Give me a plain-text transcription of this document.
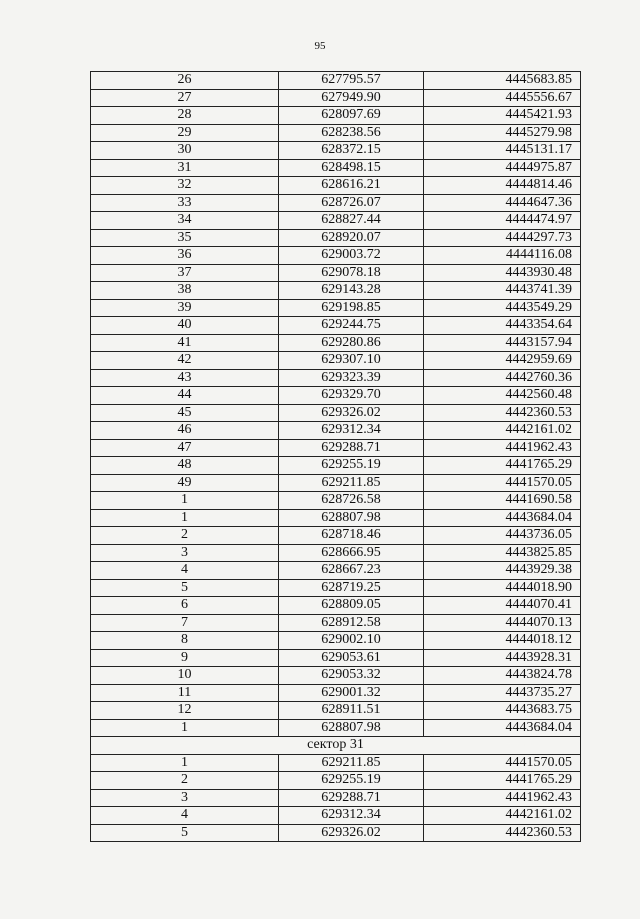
95
26	627795.57	4445683.85
27	627949.90	4445556.67
28	628097.69	4445421.93
29	628238.56	4445279.98
30	628372.15	4445131.17
31	628498.15	4444975.87
32	628616.21	4444814.46
33	628726.07	4444647.36
34	628827.44	4444474.97
35	628920.07	4444297.73
36	629003.72	4444116.08
37	629078.18	4443930.48
38	629143.28	4443741.39
39	629198.85	4443549.29
40	629244.75	4443354.64
41	629280.86	4443157.94
42	629307.10	4442959.69
43	629323.39	4442760.36
44	629329.70	4442560.48
45	629326.02	4442360.53
46	629312.34	4442161.02
47	629288.71	4441962.43
48	629255.19	4441765.29
49	629211.85	4441570.05
1	628726.58	4441690.58
1	628807.98	4443684.04
2	628718.46	4443736.05
3	628666.95	4443825.85
4	628667.23	4443929.38
5	628719.25	4444018.90
6	628809.05	4444070.41
7	628912.58	4444070.13
8	629002.10	4444018.12
9	629053.61	4443928.31
10	629053.32	4443824.78
11	629001.32	4443735.27
12	628911.51	4443683.75
1	628807.98	4443684.04
сектор 31		
1	629211.85	4441570.05
2	629255.19	4441765.29
3	629288.71	4441962.43
4	629312.34	4442161.02
5	629326.02	4442360.53
